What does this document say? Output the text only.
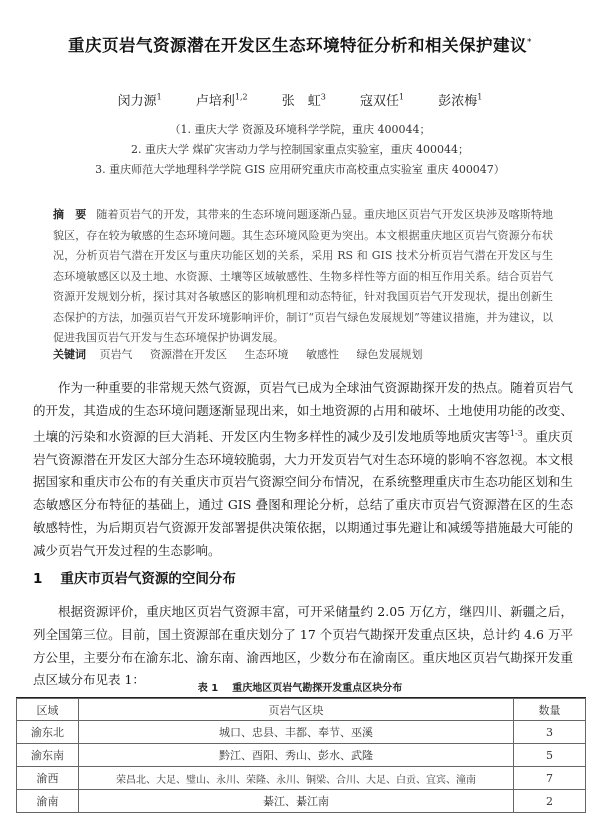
重庆页岩气资源潜在开发区生态环境特征分析和相关保护建议*
闵力源$^1$	卢培利$^{1,2}$	张　虹$^3$	寇双任$^1$	彭浓梅$^1$
（1. 重庆大学 资源及环境科学学院，重庆 400044；
2. 重庆大学 煤矿灾害动力学与控制国家重点实验室，重庆 400044；
3. 重庆师范大学地理科学学院 GIS 应用研究重庆市高校重点实验室 重庆 400047）
摘　要 随着页岩气的开发，其带来的生态环境问题逐渐凸显。重庆地区页岩气开发区块涉及喀斯特地貌区，存在较为敏感的生态环境问题。其生态环境风险更为突出。本文根据重庆地区页岩气资源分布状况，分析页岩气潜在开发区与重庆功能区划的关系，采用 RS 和 GIS 技术分析页岩气潜在开发区与生态环境敏感区以及土地、水资源、土壤等区域敏感性、生物多样性等方面的相互作用关系。结合页岩气资源开发规划分析，探讨其对各敏感区的影响机理和动态特征，针对我国页岩气开发现状，提出创新生态保护的方法，加强页岩气开发环境影响评价，制订“页岩气绿色发展规划”等建议措施，并为建议，以促进我国页岩气开发与生态环境保护协调发展。
关键词 页岩气 资源潜在开发区 生态环境 敏感性 绿色发展规划
作为一种重要的非常规天然气资源，页岩气已成为全球油气资源勘探开发的热点。随着页岩气的开发，其造成的生态环境问题逐渐显现出来，如土地资源的占用和破坏、土地使用功能的改变、土壤的污染和水资源的巨大消耗、开发区内生物多样性的减少及引发地质等地质灾害等$^{1-3}$。重庆页岩气资源潜在开发区大部分生态环境较脆弱，大力开发页岩气对生态环境的影响不容忽视。本文根据国家和重庆市公布的有关重庆市页岩气资源空间分布情况，在系统整理重庆市生态功能区划和生态敏感区分布特征的基础上，通过 GIS 叠图和理论分析，总结了重庆市页岩气资源潜在区的生态敏感特性，为后期页岩气资源开发部署提供决策依据，以期通过事先避让和减缓等措施最大可能的减少页岩气开发过程的生态影响。
1 重庆市页岩气资源的空间分布
根据资源评价，重庆地区页岩气资源丰富，可开采储量约 2.05 万亿方，继四川、新疆之后，列全国第三位。目前，国土资源部在重庆划分了 17 个页岩气勘探开发重点区块，总计约 4.6 万平方公里，主要分布在渝东北、渝东南、渝西地区，少数分布在渝南区。重庆地区页岩气勘探开发重点区域分布见表 1：
表 1 重庆地区页岩气勘探开发重点区块分布
区域	页岩气区块	数量
渝东北	城口、忠县、丰都、奉节、巫溪	3
渝东南	黔江、酉阳、秀山、彭水、武隆	5
渝西	荣昌北、大足、璧山、永川、荣隆、永川、铜梁、合川、大足、白贡、宜宾、潼南	7
渝南	綦江、綦江南	2
